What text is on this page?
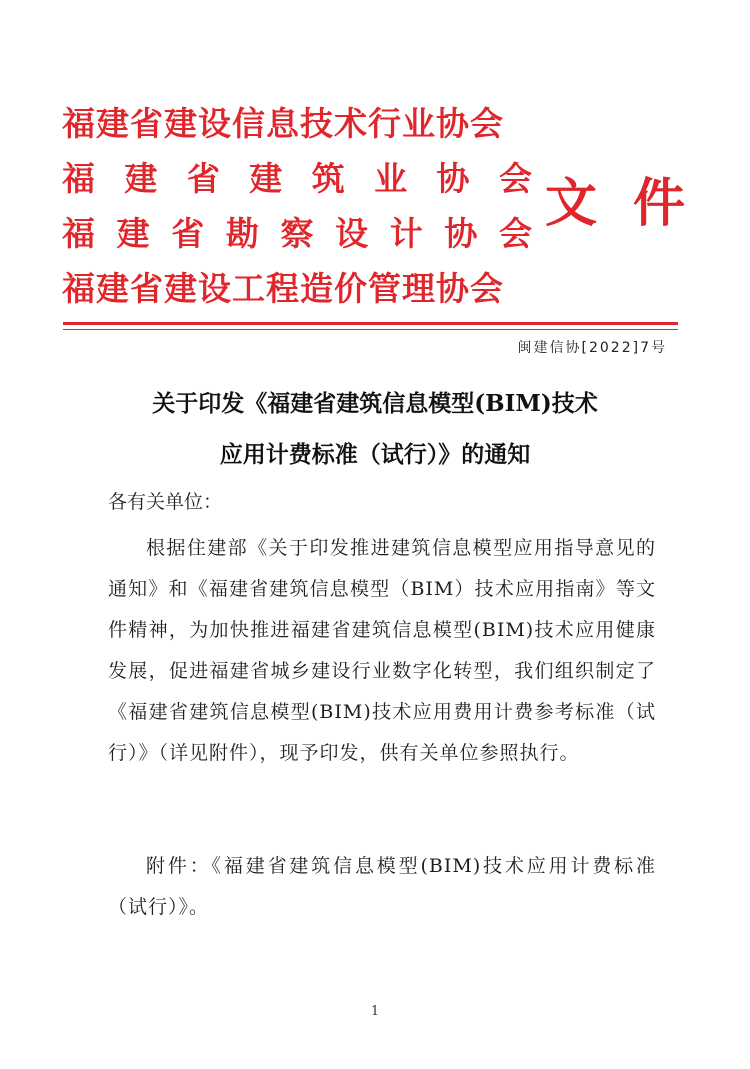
福建省建设信息技术行业协会
福 建 省 建 筑 业 协 会
福 建 省 勘 察 设 计 协 会
福建省建设工程造价管理协会
文 件
闽建信协[2022]7号
关于印发《福建省建筑信息模型(BIM)技术
应用计费标准（试行）》的通知
各有关单位：
根据住建部《关于印发推进建筑信息模型应用指导意见的通知》和《福建省建筑信息模型（BIM）技术应用指南》等文件精神，为加快推进福建省建筑信息模型(BIM)技术应用健康发展，促进福建省城乡建设行业数字化转型，我们组织制定了《福建省建筑信息模型(BIM)技术应用费用计费参考标准（试行）》（详见附件），现予印发，供有关单位参照执行。
附件：《福建省建筑信息模型(BIM)技术应用计费标准（试行）》。
1
